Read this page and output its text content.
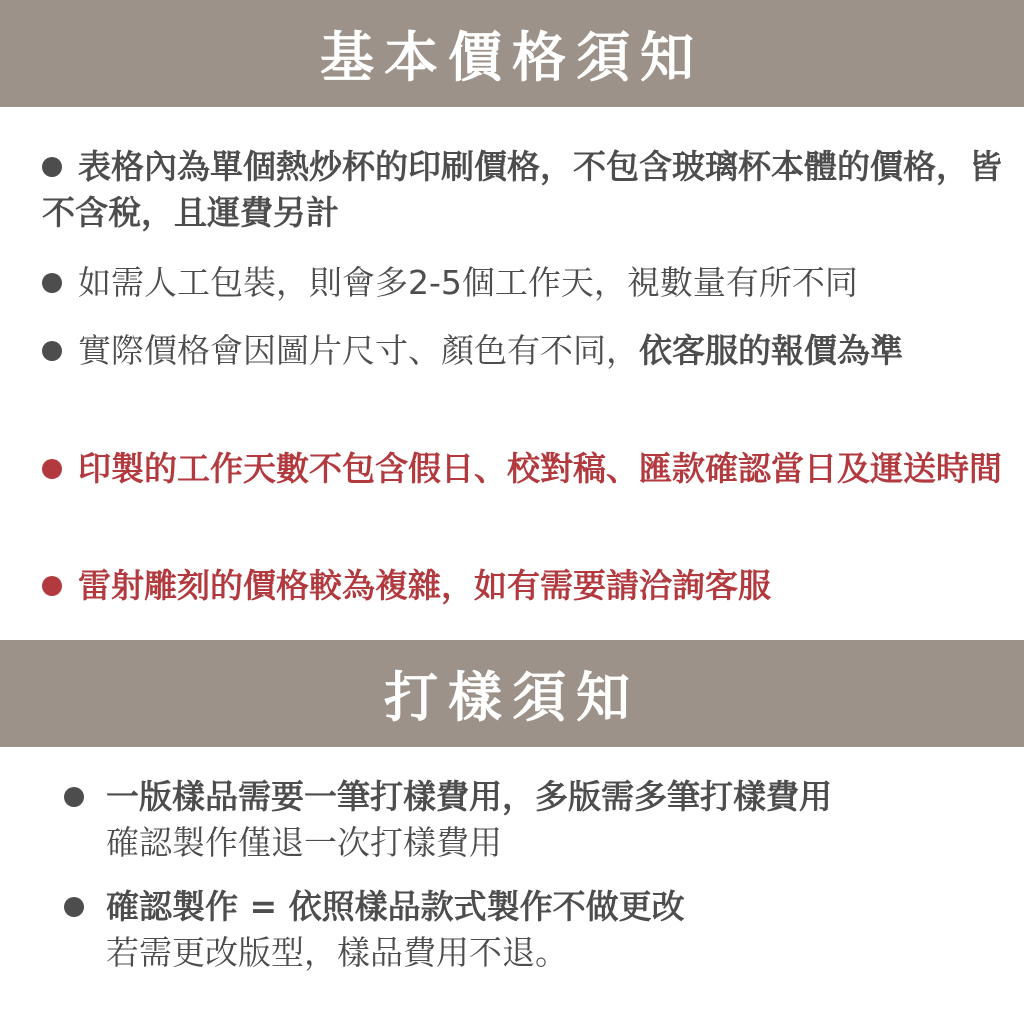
基本價格須知

表格內為單個熱炒杯的印刷價格，不包含玻璃杯本體的價格，皆不含稅，且運費另計

如需人工包裝，則會多2-5個工作天，視數量有所不同

實際價格會因圖片尺寸、顏色有不同，依客服的報價為準

印製的工作天數不包含假日、校對稿、匯款確認當日及運送時間

雷射雕刻的價格較為複雜，如有需要請洽詢客服

打樣須知
一版樣品需要一筆打樣費用，多版需多筆打樣費用
確認製作僅退一次打樣費用
確認製作 = 依照樣品款式製作不做更改
若需更改版型，樣品費用不退。
